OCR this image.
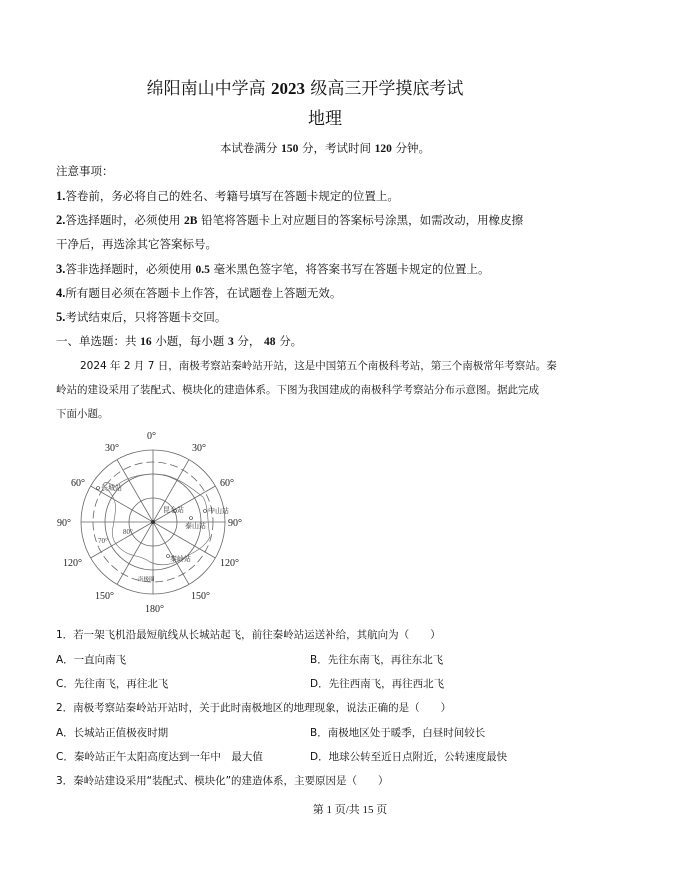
绵阳南山中学高 2023 级高三开学摸底考试
地理
本试卷满分 150 分，考试时间 120 分钟。
注意事项：
1.答卷前，务必将自己的姓名、考籍号填写在答题卡规定的位置上。
2.答选择题时，必须使用 2B 铅笔将答题卡上对应题目的答案标号涂黑，如需改动，用橡皮擦
干净后，再选涂其它答案标号。
3.答非选择题时，必须使用 0.5 毫米黑色签字笔，将答案书写在答题卡规定的位置上。
4.所有题目必须在答题卡上作答，在试题卷上答题无效。
5.考试结束后，只将答题卡交回。
一、单选题：共 16 小题，每小题 3 分， 48 分。
2024 年 2 月 7 日，南极考察站秦岭站开站，这是中国第五个南极科考站，第三个南极常年考察站。秦
岭站的建设采用了装配式、模块化的建造体系。下图为我国建成的南极科学考察站分布示意图。据此完成
下面小题。
0°
30°	30°
60°	60°
90°	90°
120°	120°
150°	150°
180°
80°
70°
长城站
昆仑站	中山站
泰山站
秦岭站
南极圈
1．若一架飞机沿最短航线从长城站起飞，前往秦岭站运送补给，其航向为（　　）
A．一直向南飞	B．先往东南飞，再往东北飞
C．先往南飞，再往北飞	D．先往西南飞，再往西北飞
2．南极考察站秦岭站开站时，关于此时南极地区的地理现象，说法正确的是（　　）
A．长城站正值极夜时期	B．南极地区处于暖季，白昼时间较长
C．秦岭站正午太阳高度达到一年中　最大值	D．地球公转至近日点附近，公转速度最快
3．秦岭站建设采用“装配式、模块化”的建造体系，主要原因是（　　）
第 1 页/共 15 页
